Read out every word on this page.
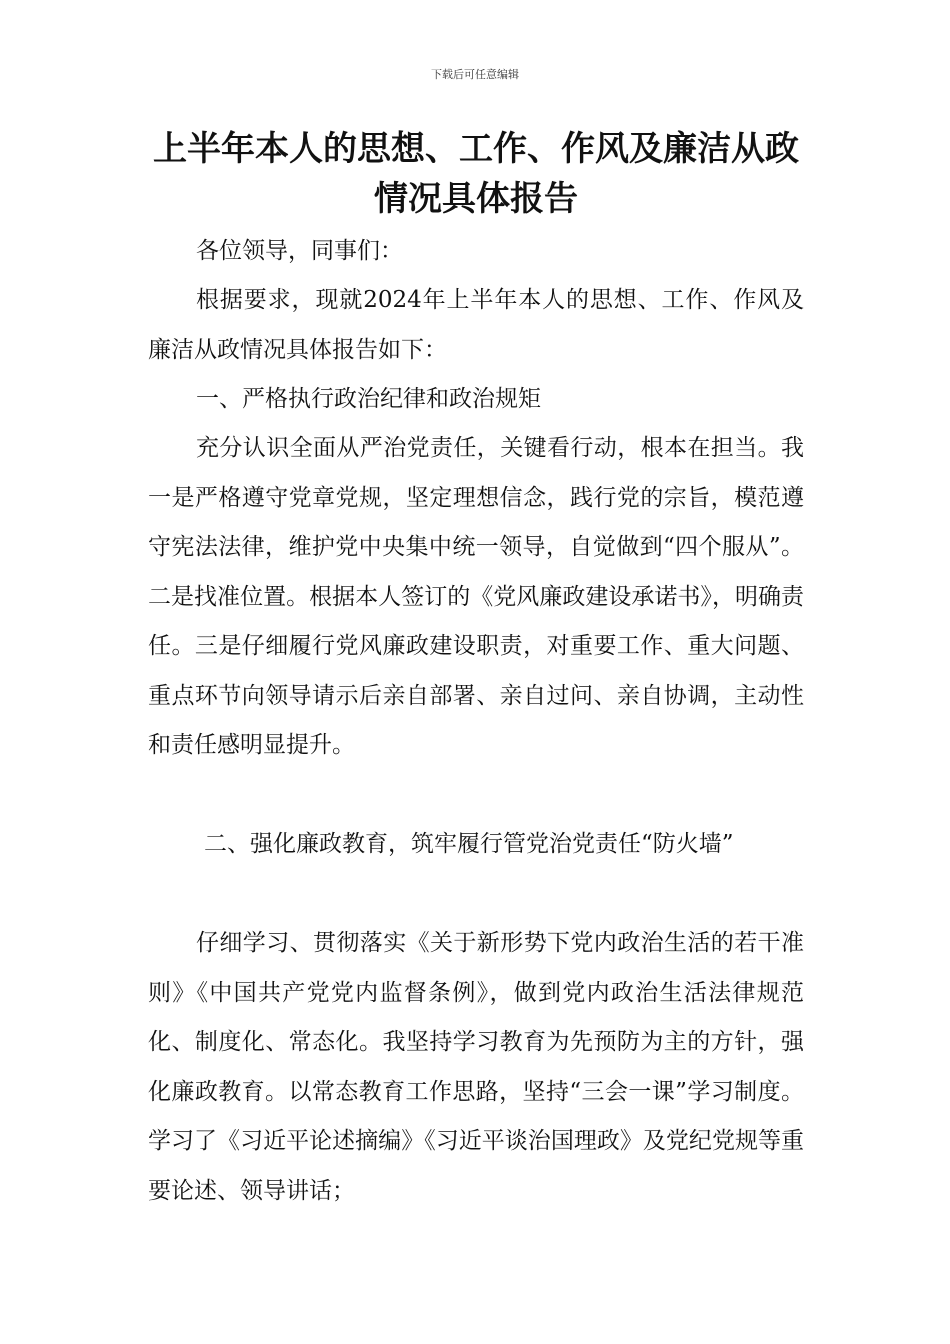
下载后可任意编辑
上半年本人的思想、工作、作风及廉洁从政情况具体报告

各位领导，同事们：

根据要求，现就2024年上半年本人的思想、工作、作风及廉洁从政情况具体报告如下：

一、严格执行政治纪律和政治规矩

充分认识全面从严治党责任，关键看行动，根本在担当。我一是严格遵守党章党规，坚定理想信念，践行党的宗旨，模范遵守宪法法律，维护党中央集中统一领导，自觉做到“四个服从”。二是找准位置。根据本人签订的《党风廉政建设承诺书》，明确责任。三是仔细履行党风廉政建设职责，对重要工作、重大问题、重点环节向领导请示后亲自部署、亲自过问、亲自协调，主动性和责任感明显提升。

二、强化廉政教育，筑牢履行管党治党责任“防火墙”

仔细学习、贯彻落实《关于新形势下党内政治生活的若干准则》《中国共产党党内监督条例》，做到党内政治生活法律规范化、制度化、常态化。我坚持学习教育为先预防为主的方针，强化廉政教育。以常态教育工作思路，坚持“三会一课”学习制度。学习了《习近平论述摘编》《习近平谈治国理政》及党纪党规等重要论述、领导讲话；
